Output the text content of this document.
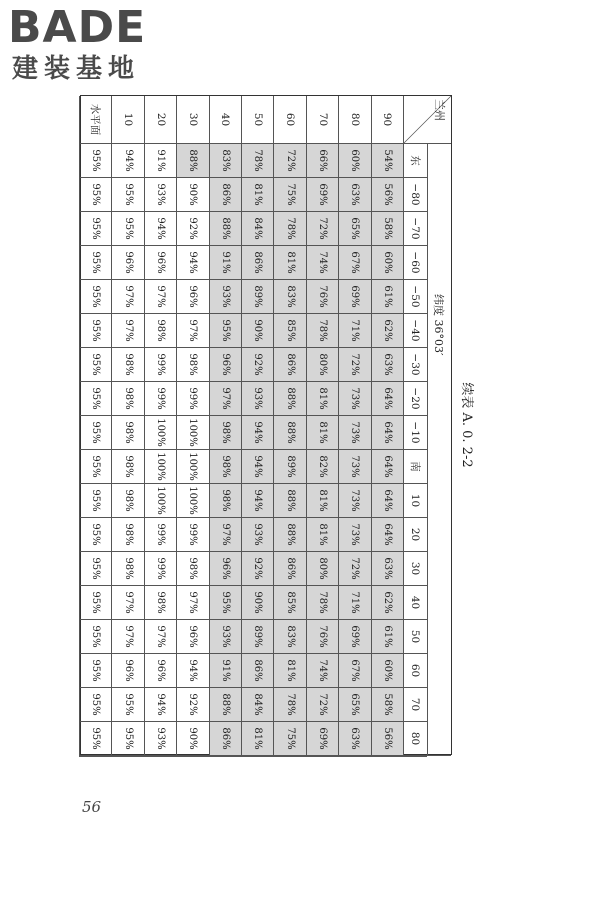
BADE
建装基地
56
续表 A. 0. 2-2
兰州
纬度 36°03′
东
−80
−70
−60
−50
−40
−30
−20
−10
南
10
20
30
40
50
60
70
80
90
54%
56%
58%
60%
61%
62%
63%
64%
64%
64%
64%
64%
63%
62%
61%
60%
58%
56%
80
60%
63%
65%
67%
69%
71%
72%
73%
73%
73%
73%
73%
72%
71%
69%
67%
65%
63%
70
66%
69%
72%
74%
76%
78%
80%
81%
81%
82%
81%
81%
80%
78%
76%
74%
72%
69%
60
72%
75%
78%
81%
83%
85%
86%
88%
88%
89%
88%
88%
86%
85%
83%
81%
78%
75%
50
78%
81%
84%
86%
89%
90%
92%
93%
94%
94%
94%
93%
92%
90%
89%
86%
84%
81%
40
83%
86%
88%
91%
93%
95%
96%
97%
98%
98%
98%
97%
96%
95%
93%
91%
88%
86%
30
88%
90%
92%
94%
96%
97%
98%
99%
100%
100%
100%
99%
98%
97%
96%
94%
92%
90%
20
91%
93%
94%
96%
97%
98%
99%
99%
100%
100%
100%
99%
99%
98%
97%
96%
94%
93%
10
94%
95%
95%
96%
97%
97%
98%
98%
98%
98%
98%
98%
98%
97%
97%
96%
95%
95%
水平面
95%
95%
95%
95%
95%
95%
95%
95%
95%
95%
95%
95%
95%
95%
95%
95%
95%
95%
